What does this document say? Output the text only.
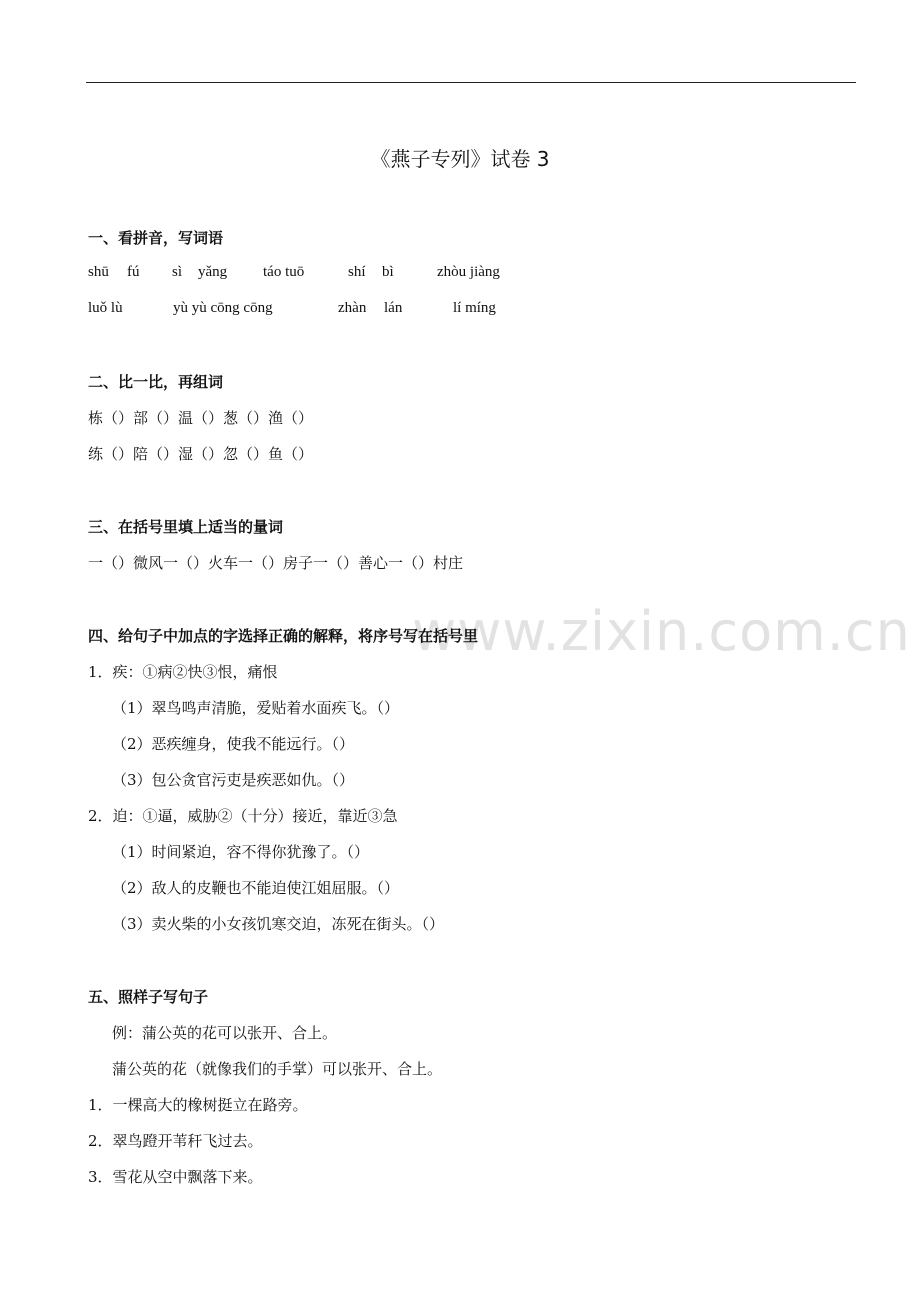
www.zixin.com.cn
《燕子专列》试卷 3
一、看拼音，写词语
shū fú sì yǎng táo tuō	shí bì	zhòu jiàng
luǒ lù	yù yù cōng cōng	zhàn lán	lí míng
二、比一比，再组词
栋（）部（）温（）葱（）渔（）
练（）陪（）湿（）忽（）鱼（）
三、在括号里填上适当的量词
一（）微风一（）火车一（）房子一（）善心一（）村庄
四、给句子中加点的字选择正确的解释，将序号写在括号里
1．疾：①病②快③恨，痛恨
（1）翠鸟鸣声清脆，爱贴着水面疾飞。（）
（2）恶疾缠身，使我不能远行。（）
（3）包公贪官污吏是疾恶如仇。（）
2．迫：①逼，威胁②（十分）接近，靠近③急
（1）时间紧迫，容不得你犹豫了。（）
（2）敌人的皮鞭也不能迫使江姐屈服。（）
（3）卖火柴的小女孩饥寒交迫，冻死在街头。（）
五、照样子写句子
例：蒲公英的花可以张开、合上。
蒲公英的花（就像我们的手掌）可以张开、合上。
1．一棵高大的橡树挺立在路旁。
2．翠鸟蹬开苇秆飞过去。
3．雪花从空中飘落下来。
